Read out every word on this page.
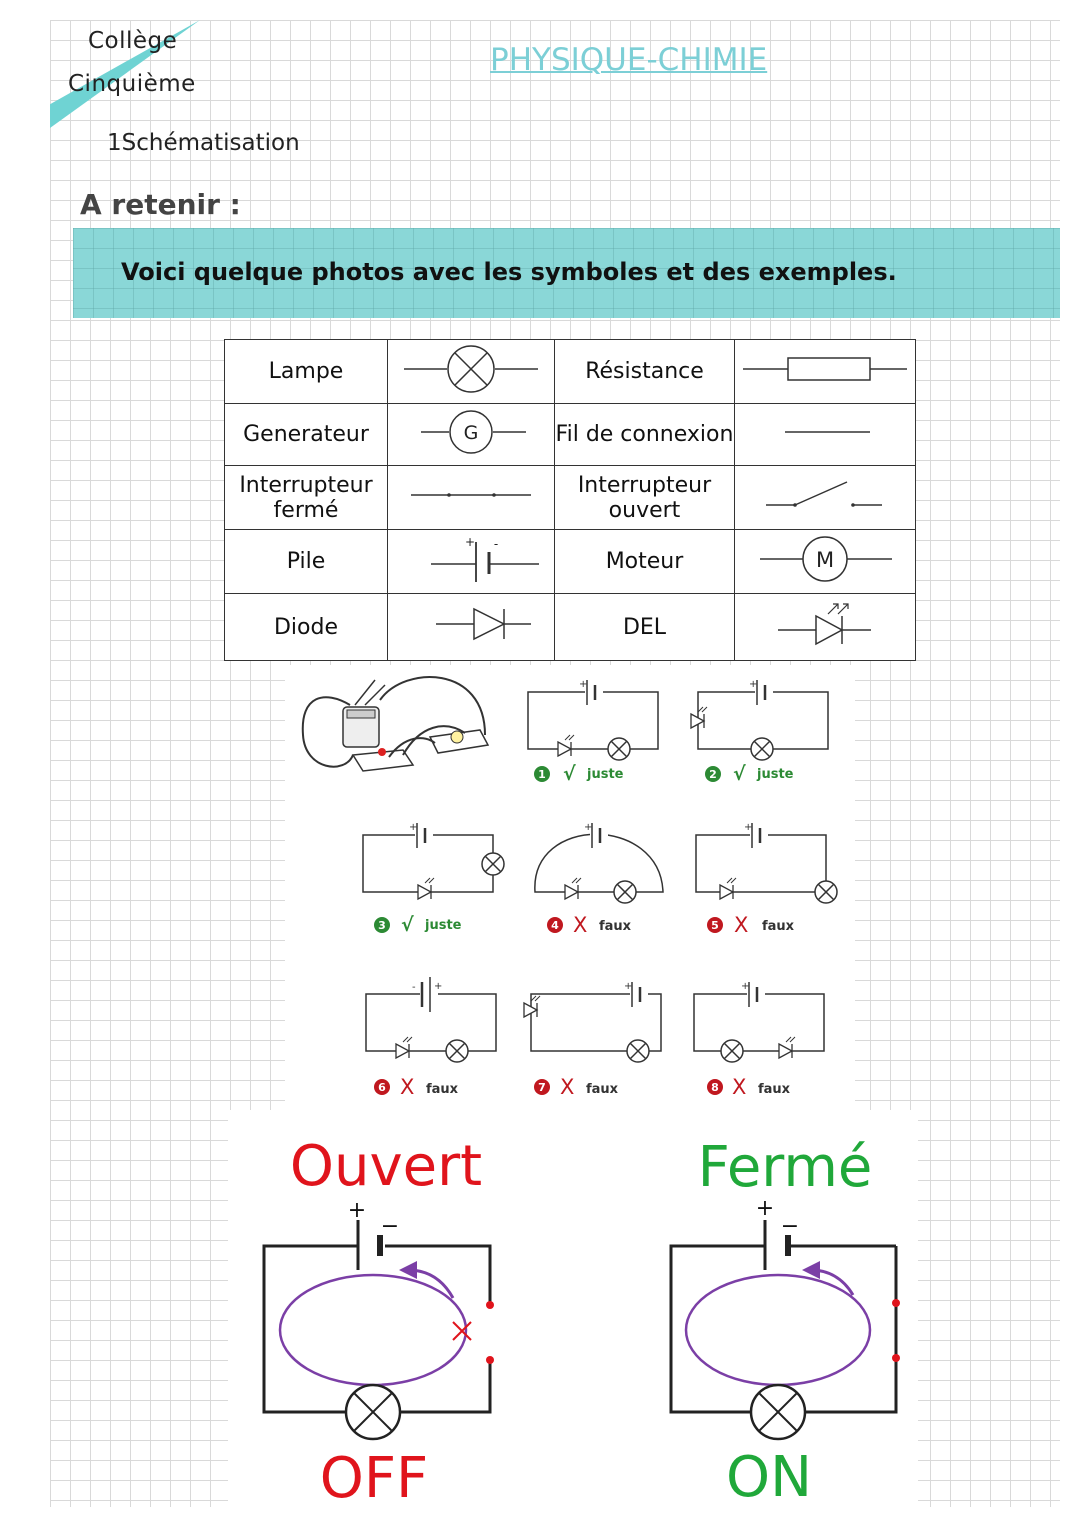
Collège
Cinquième
PHYSIQUE-CHIMIE
1Schématisation
A retenir :
Voici quelque photos avec les symboles et des exemples.
Lampe		Résistance	
Generateur	G	Fil de connexion	
Interrupteur fermé		Interrupteur ouvert	
Pile	+ -	Moteur	M

Diode		DEL	
+
1 √ juste
+
2 √ juste
+
3 √ juste
+
4 X faux
+
5 X faux
- +
6 X faux
+
7 X faux
+
8 X faux
Ouvert
+
−
OFF
Fermé
+
−
ON
